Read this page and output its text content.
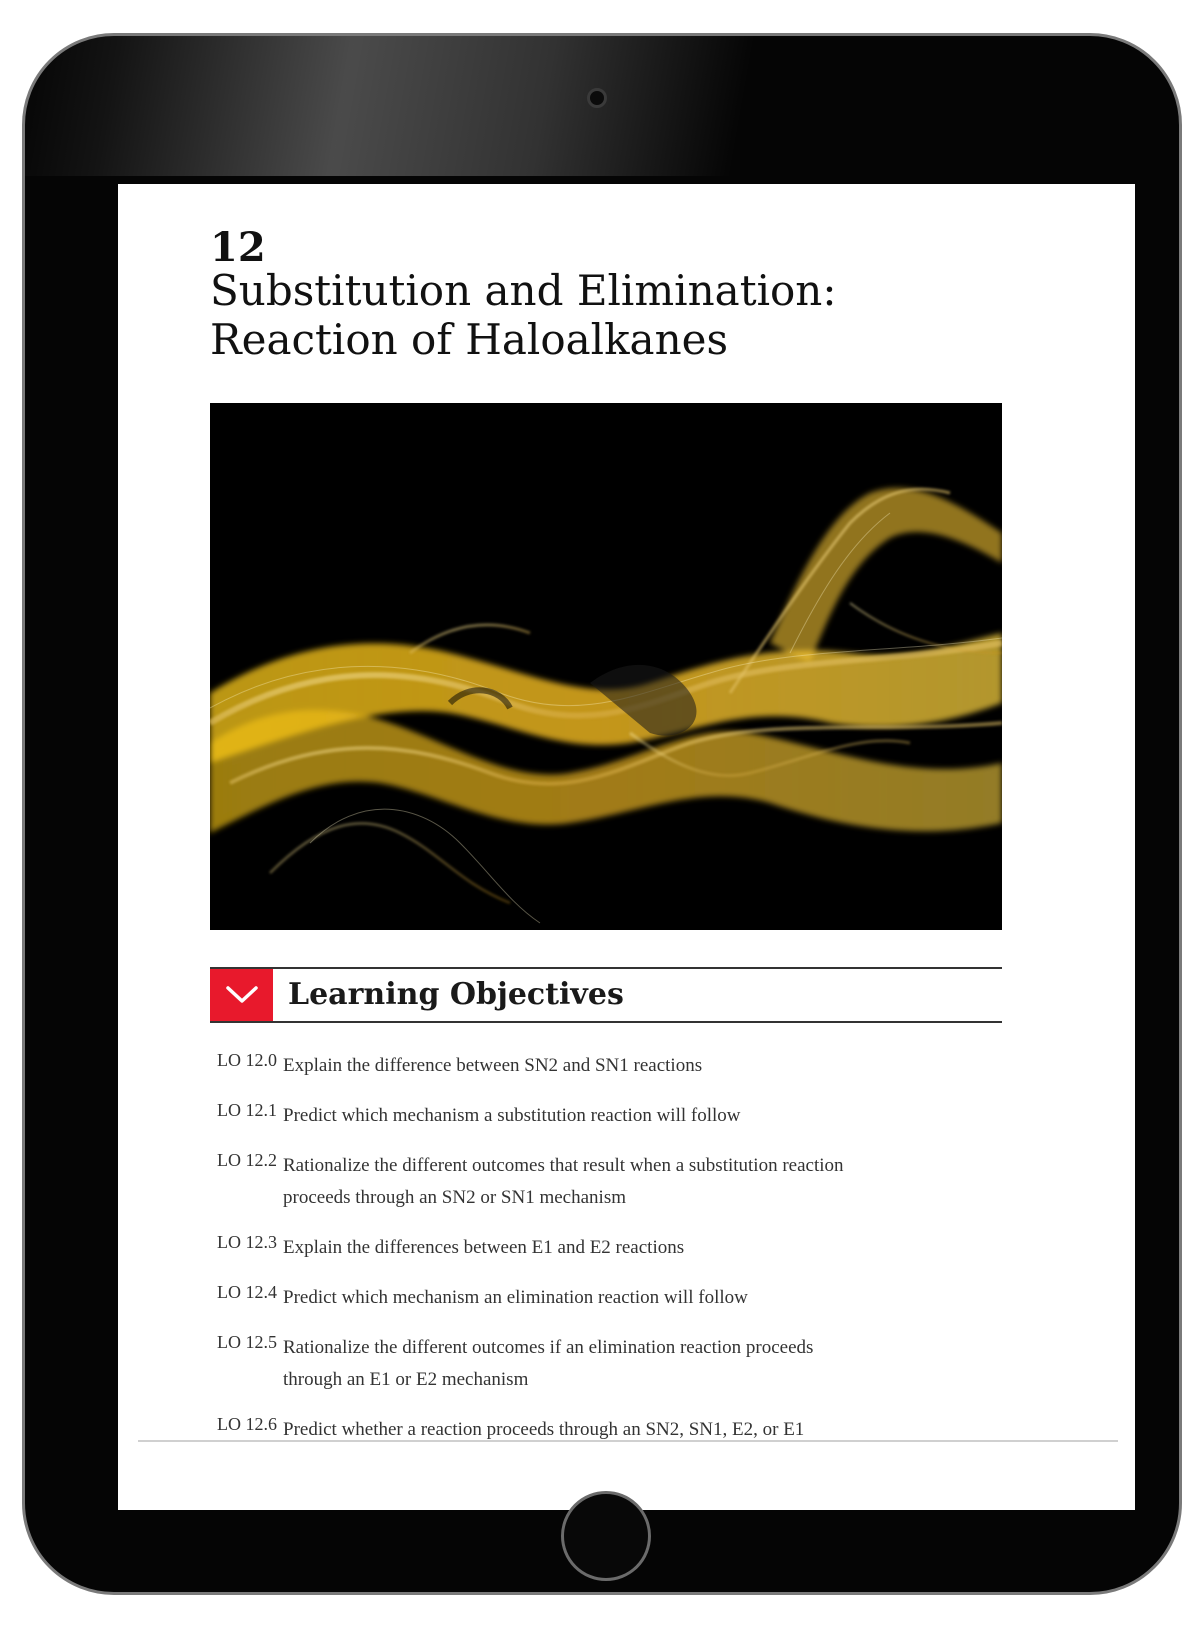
12
Substitution and Elimination:
Reaction of Haloalkanes
Learning Objectives
LO 12.0 Explain the difference between SN2 and SN1 reactions
LO 12.1 Predict which mechanism a substitution reaction will follow
LO 12.2 Rationalize the different outcomes that result when a substitution reaction
proceeds through an SN2 or SN1 mechanism
LO 12.3 Explain the differences between E1 and E2 reactions
LO 12.4 Predict which mechanism an elimination reaction will follow
LO 12.5 Rationalize the different outcomes if an elimination reaction proceeds
through an E1 or E2 mechanism
LO 12.6 Predict whether a reaction proceeds through an SN2, SN1, E2, or E1
